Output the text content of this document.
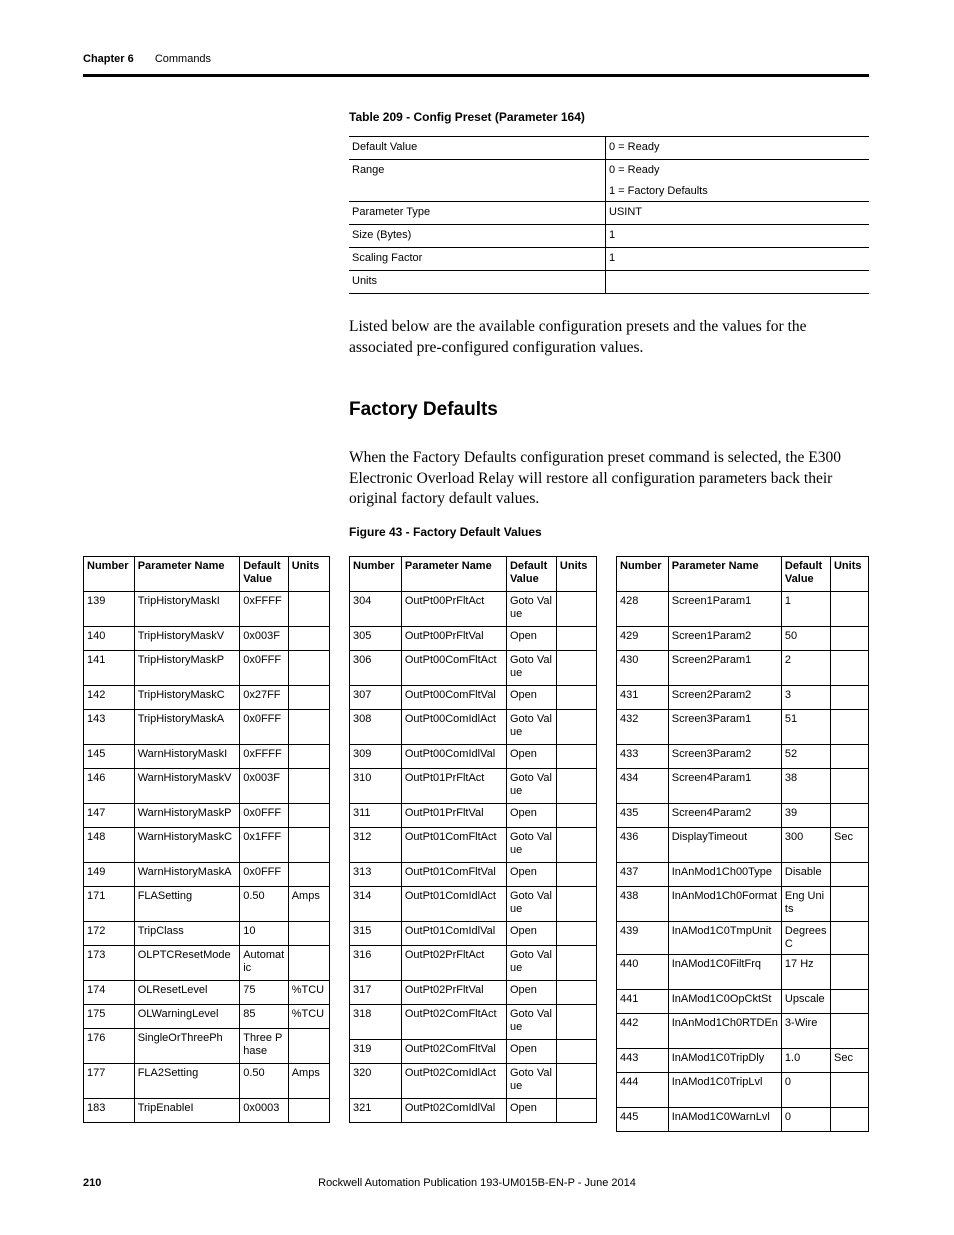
Chapter 6 Commands
Table 209 - Config Preset (Parameter 164)
Default Value	0 = Ready
Range	0 = Ready
1 = Factory Defaults

Parameter Type	USINT
Size (Bytes)	1
Scaling Factor	1
Units	
Listed below are the available configuration presets and the values for the associated pre-configured configuration values.
Factory Defaults
When the Factory Defaults configuration preset command is selected, the E300 Electronic Overload Relay will restore all configuration parameters back their original factory default values.
Figure 43 - Factory Default Values
Number	Parameter Name	Default Value	Units
139	TripHistoryMaskI	0xFFFF	
140	TripHistoryMaskV	0x003F	
141	TripHistoryMaskP	0x0FFF	
142	TripHistoryMaskC	0x27FF	
143	TripHistoryMaskA	0x0FFF	
145	WarnHistoryMaskI	0xFFFF	
146	WarnHistoryMaskV	0x003F	
147	WarnHistoryMaskP	0x0FFF	
148	WarnHistoryMaskC	0x1FFF	
149	WarnHistoryMaskA	0x0FFF	
171	FLASetting	0.50	Amps
172	TripClass	10	
173	OLPTCResetMode	Automatic	
174	OLResetLevel	75	%TCU
175	OLWarningLevel	85	%TCU
176	SingleOrThreePh	Three Phase	
177	FLA2Setting	0.50	Amps
183	TripEnableI	0x0003	
Number	Parameter Name	Default Value	Units
304	OutPt00PrFltAct	Goto Value	
305	OutPt00PrFltVal	Open	
306	OutPt00ComFltAct	Goto Value	
307	OutPt00ComFltVal	Open	
308	OutPt00ComIdlAct	Goto Value	
309	OutPt00ComIdlVal	Open	
310	OutPt01PrFltAct	Goto Value	
311	OutPt01PrFltVal	Open	
312	OutPt01ComFltAct	Goto Value	
313	OutPt01ComFltVal	Open	
314	OutPt01ComIdlAct	Goto Value	
315	OutPt01ComIdlVal	Open	
316	OutPt02PrFltAct	Goto Value	
317	OutPt02PrFltVal	Open	
318	OutPt02ComFltAct	Goto Value	
319	OutPt02ComFltVal	Open	
320	OutPt02ComIdlAct	Goto Value	
321	OutPt02ComIdlVal	Open	
Number	Parameter Name	Default Value	Units
428	Screen1Param1	1	
429	Screen1Param2	50	
430	Screen2Param1	2	
431	Screen2Param2	3	
432	Screen3Param1	51	
433	Screen3Param2	52	
434	Screen4Param1	38	
435	Screen4Param2	39	
436	DisplayTimeout	300	Sec
437	InAnMod1Ch00Type	Disable	
438	InAnMod1Ch0Format	Eng Units	
439	InAMod1C0TmpUnit	Degrees C	
440	InAMod1C0FiltFrq	17 Hz	
441	InAMod1C0OpCktSt	Upscale	
442	InAnMod1Ch0RTDEn	3-Wire	
443	InAMod1C0TripDly	1.0	Sec
444	InAMod1C0TripLvl	0	
445	InAMod1C0WarnLvl	0	
210	Rockwell Automation Publication 193-UM015B-EN-P - June 2014
